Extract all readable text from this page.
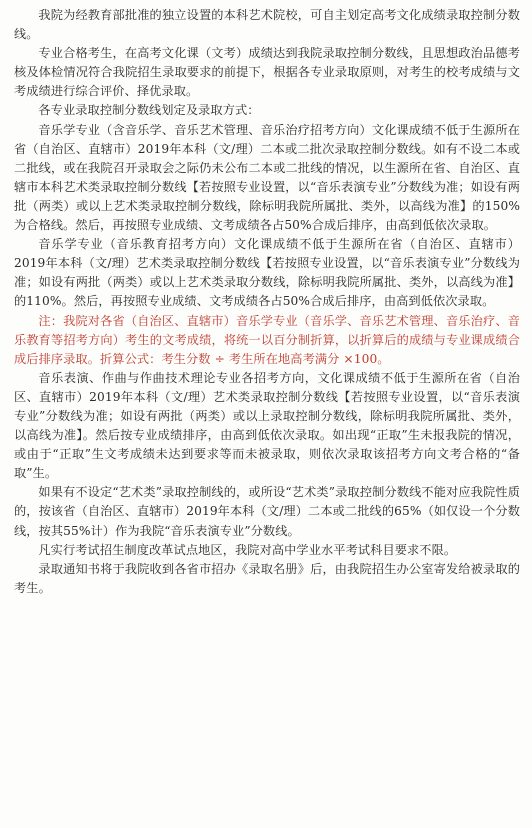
我院为经教育部批准的独立设置的本科艺术院校，可自主划定高考文化成绩录取控制分数线。

专业合格考生，在高考文化课（文考）成绩达到我院录取控制分数线，且思想政治品德考核及体检情况符合我院招生录取要求的前提下，根据各专业录取原则，对考生的校考成绩与文考成绩进行综合评价、择优录取。

各专业录取控制分数线划定及录取方式：

音乐学专业（含音乐学、音乐艺术管理、音乐治疗招考方向）文化课成绩不低于生源所在省（自治区、直辖市）2019年本科（文/理）二本或二批次录取控制分数线。如有不设二本或二批线，或在我院召开录取会之际仍未公布二本或二批线的情况，以生源所在省、自治区、直辖市本科艺术类录取控制分数线【若按照专业设置，以“音乐表演专业”分数线为准；如设有两批（两类）或以上艺术类录取控制分数线，除标明我院所属批、类外，以高线为准】的150%为合格线。然后，再按照专业成绩、文考成绩各占50%合成后排序，由高到低依次录取。

音乐学专业（音乐教育招考方向）文化课成绩不低于生源所在省（自治区、直辖市）2019年本科（文/理）艺术类录取控制分数线【若按照专业设置，以“音乐表演专业”分数线为准；如设有两批（两类）或以上艺术类录取分数线，除标明我院所属批、类外，以高线为准】的110%。然后，再按照专业成绩、文考成绩各占50%合成后排序，由高到低依次录取。

注：我院对各省（自治区、直辖市）音乐学专业（音乐学、音乐艺术管理、音乐治疗、音乐教育等招考方向）考生的文考成绩，将统一以百分制折算，以折算后的成绩与专业课成绩合成后排序录取。折算公式：考生分数 ÷ 考生所在地高考满分 ×100。

音乐表演、作曲与作曲技术理论专业各招考方向，文化课成绩不低于生源所在省（自治区、直辖市）2019年本科（文/理）艺术类录取控制分数线【若按照专业设置，以“音乐表演专业”分数线为准；如设有两批（两类）或以上录取控制分数线，除标明我院所属批、类外，以高线为准】。然后按专业成绩排序，由高到低依次录取。如出现“正取”生未报我院的情况，或由于“正取”生文考成绩未达到要求等而未被录取，则依次录取该招考方向文考合格的“备取”生。

如果有不设定“艺术类”录取控制线的，或所设“艺术类”录取控制分数线不能对应我院性质的，按该省（自治区、直辖市）2019年本科（文/理）二本或二批线的65%（如仅设一个分数线，按其55%计）作为我院“音乐表演专业”分数线。

凡实行考试招生制度改革试点地区，我院对高中学业水平考试科目要求不限。

录取通知书将于我院收到各省市招办《录取名册》后，由我院招生办公室寄发给被录取的考生。
